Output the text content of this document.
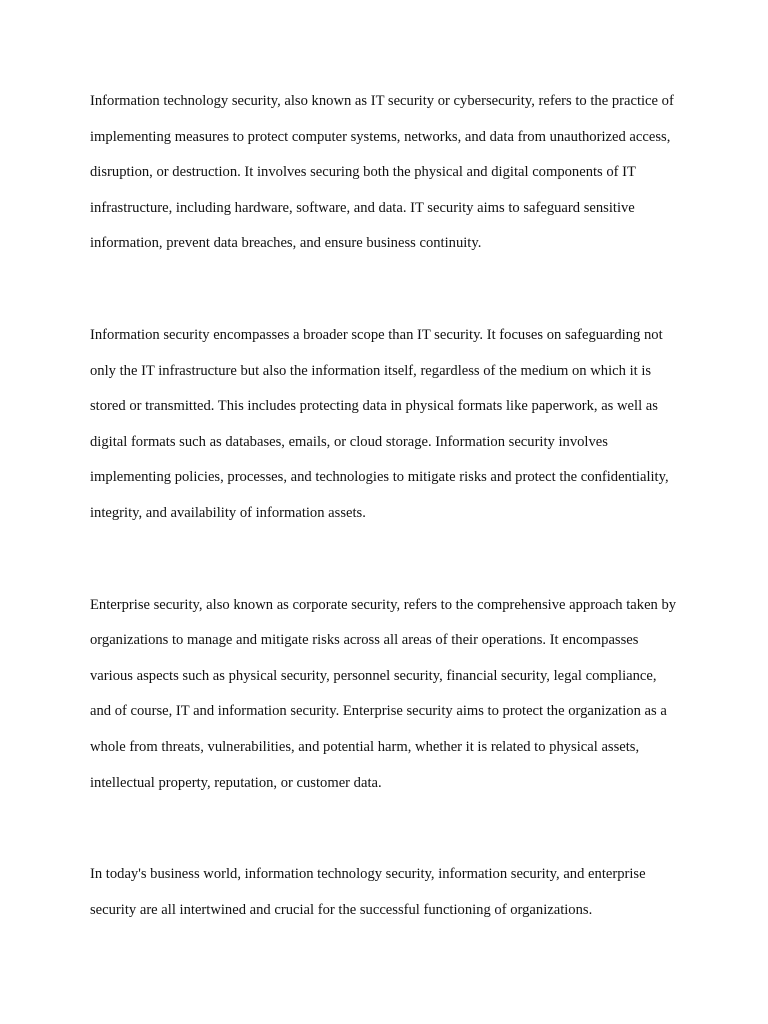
Information technology security, also known as IT security or cybersecurity, refers to the practice of implementing measures to protect computer systems, networks, and data from unauthorized access, disruption, or destruction. It involves securing both the physical and digital components of IT infrastructure, including hardware, software, and data. IT security aims to safeguard sensitive information, prevent data breaches, and ensure business continuity.

Information security encompasses a broader scope than IT security. It focuses on safeguarding not only the IT infrastructure but also the information itself, regardless of the medium on which it is stored or transmitted. This includes protecting data in physical formats like paperwork, as well as digital formats such as databases, emails, or cloud storage. Information security involves implementing policies, processes, and technologies to mitigate risks and protect the confidentiality, integrity, and availability of information assets.

Enterprise security, also known as corporate security, refers to the comprehensive approach taken by organizations to manage and mitigate risks across all areas of their operations. It encompasses various aspects such as physical security, personnel security, financial security, legal compliance, and of course, IT and information security. Enterprise security aims to protect the organization as a whole from threats, vulnerabilities, and potential harm, whether it is related to physical assets, intellectual property, reputation, or customer data.

In today's business world, information technology security, information security, and enterprise security are all intertwined and crucial for the successful functioning of organizations.
